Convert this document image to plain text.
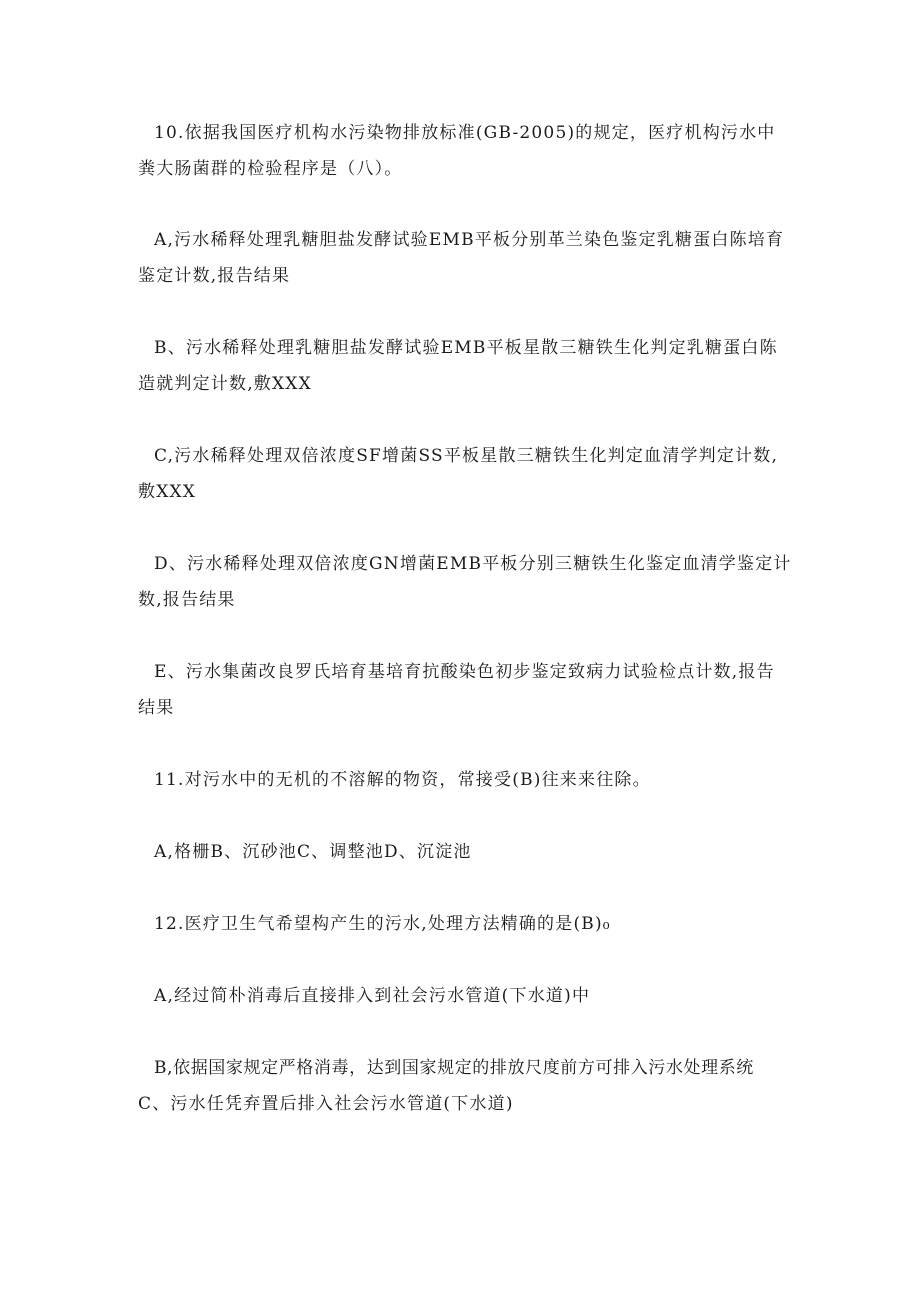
10.依据我国医疗机构水污染物排放标准(GB-2005)的规定，医疗机构污水中
粪大肠菌群的检验程序是（八）。

A,污水稀释处理乳糖胆盐发酵试验EMB平板分别革兰染色鉴定乳糖蛋白陈培育
鉴定计数,报告结果

B、污水稀释处理乳糖胆盐发酵试验EMB平板星散三糖铁生化判定乳糖蛋白陈
造就判定计数,敷XXX

C,污水稀释处理双倍浓度SF增菌SS平板星散三糖铁生化判定血清学判定计数,
敷XXX

D、污水稀释处理双倍浓度GN增菌EMB平板分别三糖铁生化鉴定血清学鉴定计
数,报告结果

E、污水集菌改良罗氏培育基培育抗酸染色初步鉴定致病力试验检点计数,报告
结果

11.对污水中的无机的不溶解的物资，常接受(B)往来来往除。

A,格栅B、沉砂池C、调整池D、沉淀池

12.医疗卫生气希望构产生的污水,处理方法精确的是(B)₀

A,经过简朴消毒后直接排入到社会污水管道(下水道)中

B,依据国家规定严格消毒，达到国家规定的排放尺度前方可排入污水处理系统
C、污水任凭弃置后排入社会污水管道(下水道)
